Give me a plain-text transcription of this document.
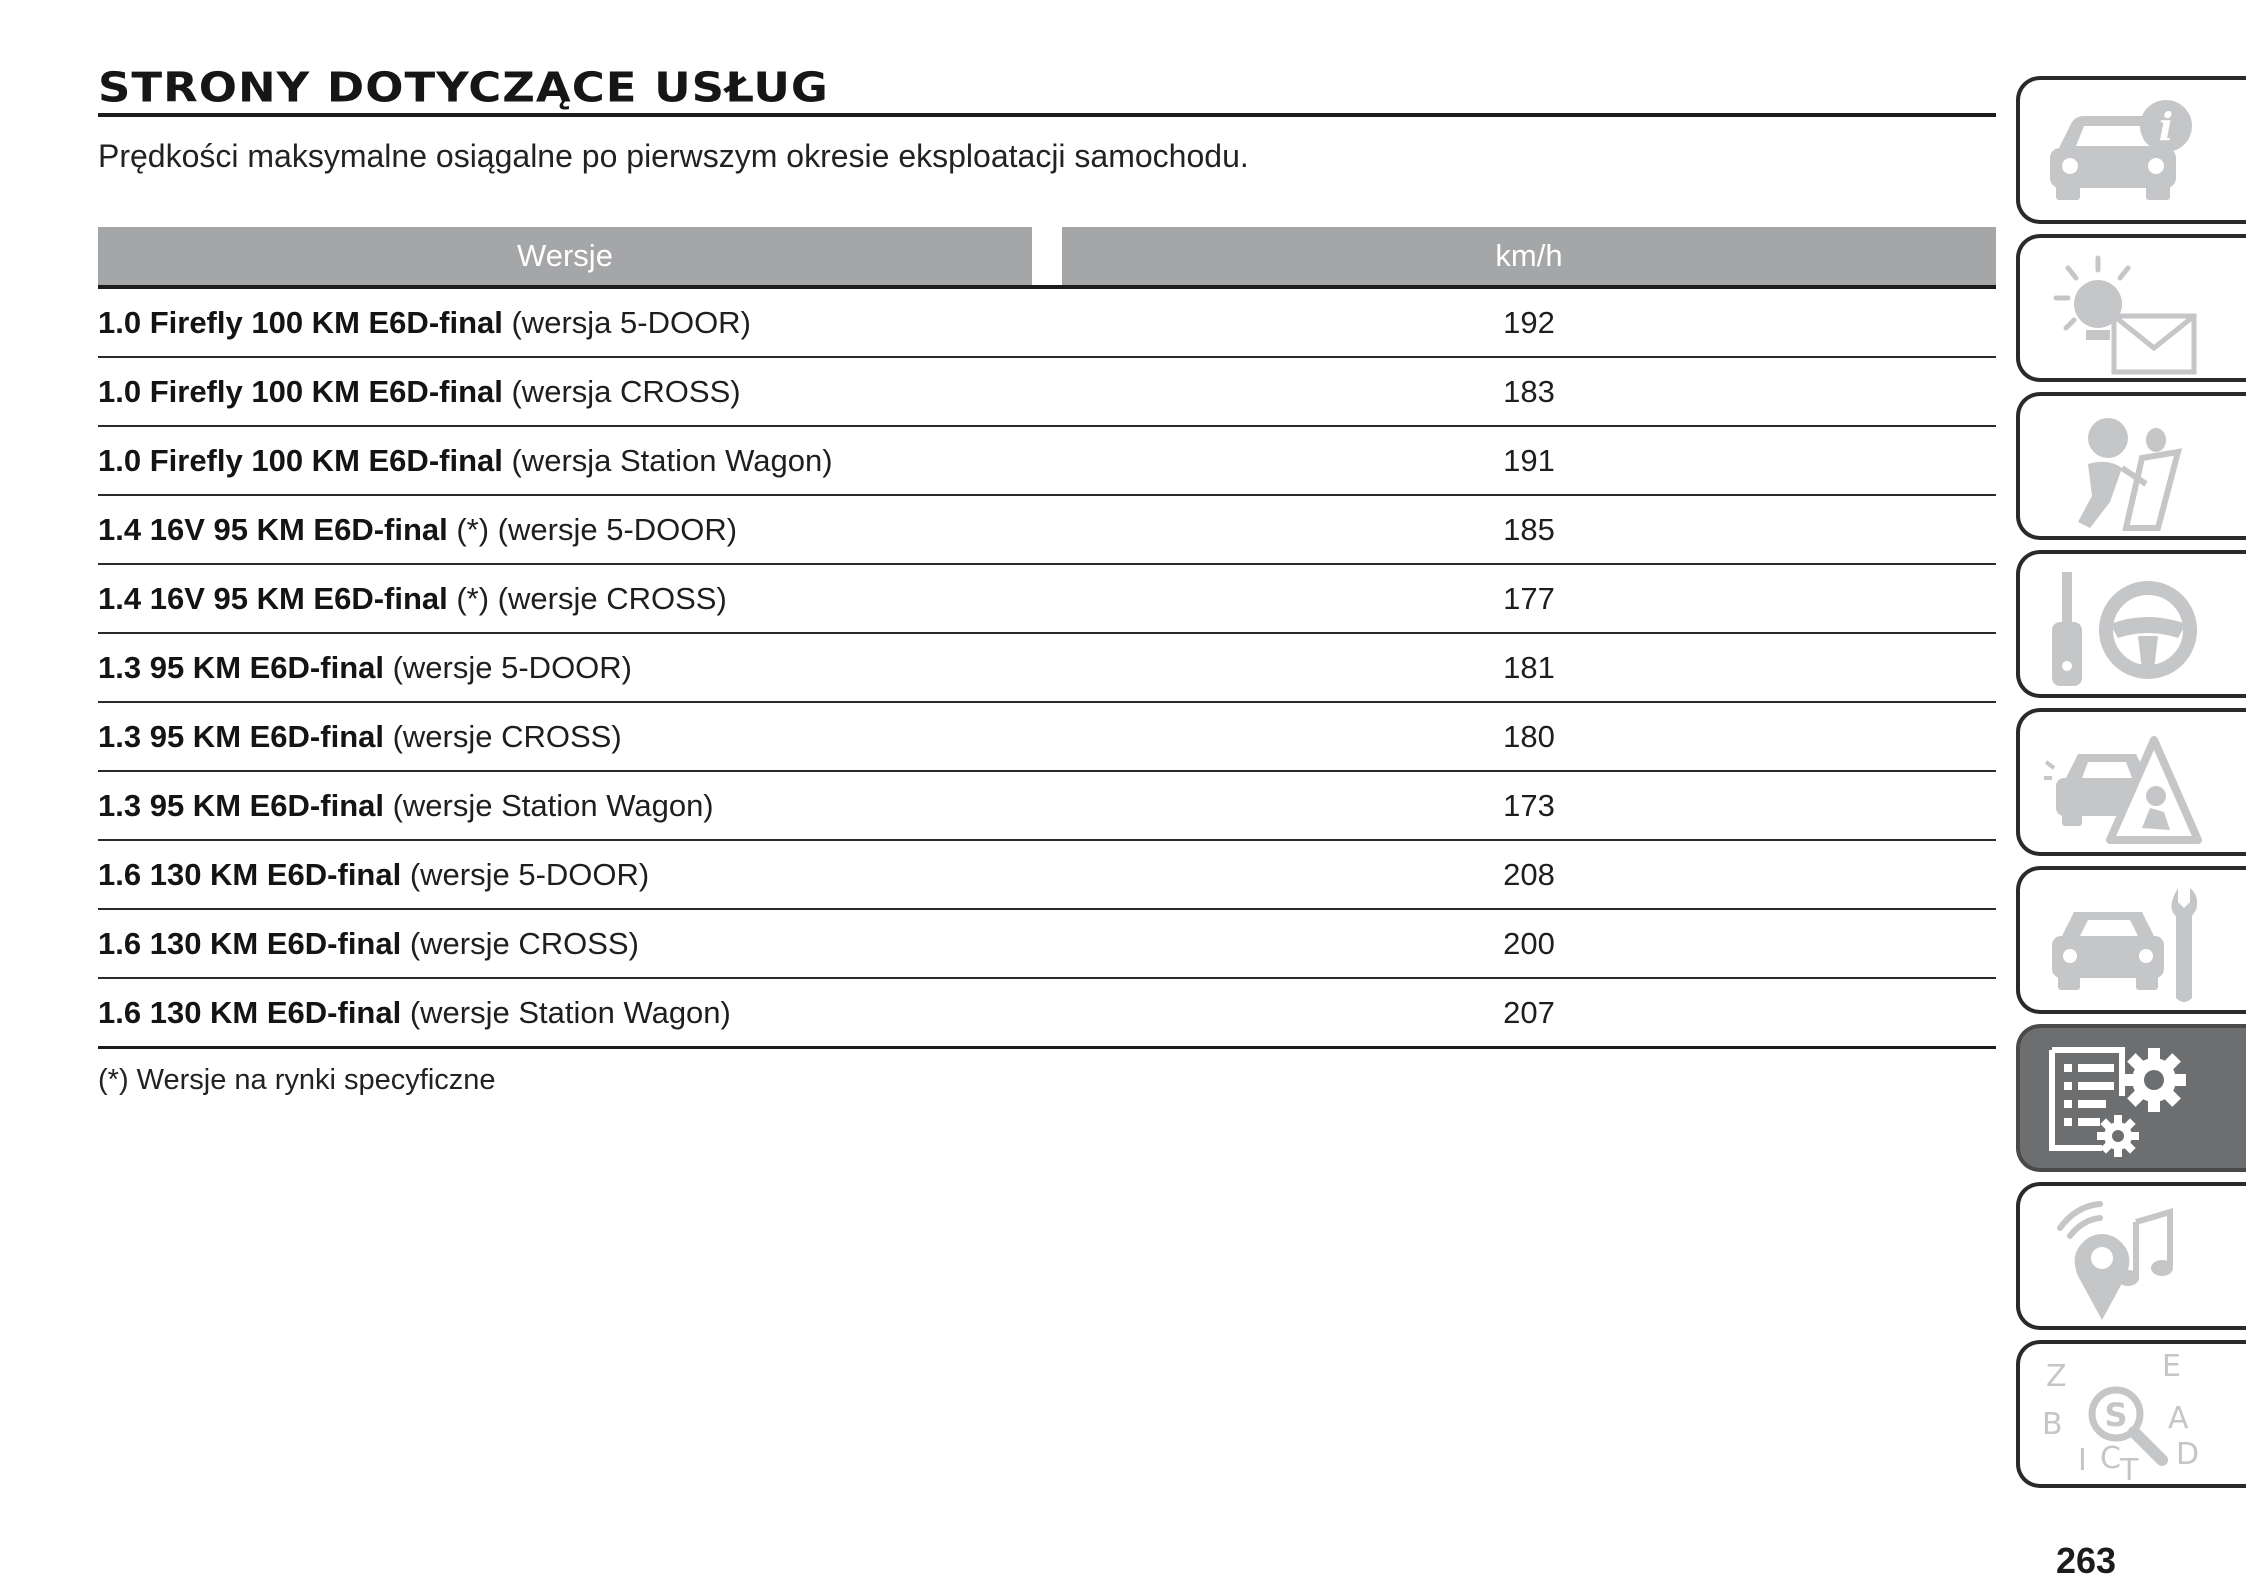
STRONY DOTYCZĄCE USŁUG
Prędkości maksymalne osiągalne po pierwszym okresie eksploatacji samochodu.
Wersje		km/h
1.0 Firefly 100 KM E6D-final (wersja 5-DOOR)		192
1.0 Firefly 100 KM E6D-final (wersja CROSS)		183
1.0 Firefly 100 KM E6D-final (wersja Station Wagon)		191
1.4 16V 95 KM E6D-final (*) (wersje 5-DOOR)		185
1.4 16V 95 KM E6D-final (*) (wersje CROSS)		177
1.3 95 KM E6D-final (wersje 5-DOOR)		181
1.3 95 KM E6D-final (wersje CROSS)		180
1.3 95 KM E6D-final (wersje Station Wagon)		173
1.6 130 KM E6D-final (wersje 5-DOOR)		208
1.6 130 KM E6D-final (wersje CROSS)		200
1.6 130 KM E6D-final (wersje Station Wagon)		207
(*) Wersje na rynki specyficzne
i
Z	E
B	A
I C T D
S
263
